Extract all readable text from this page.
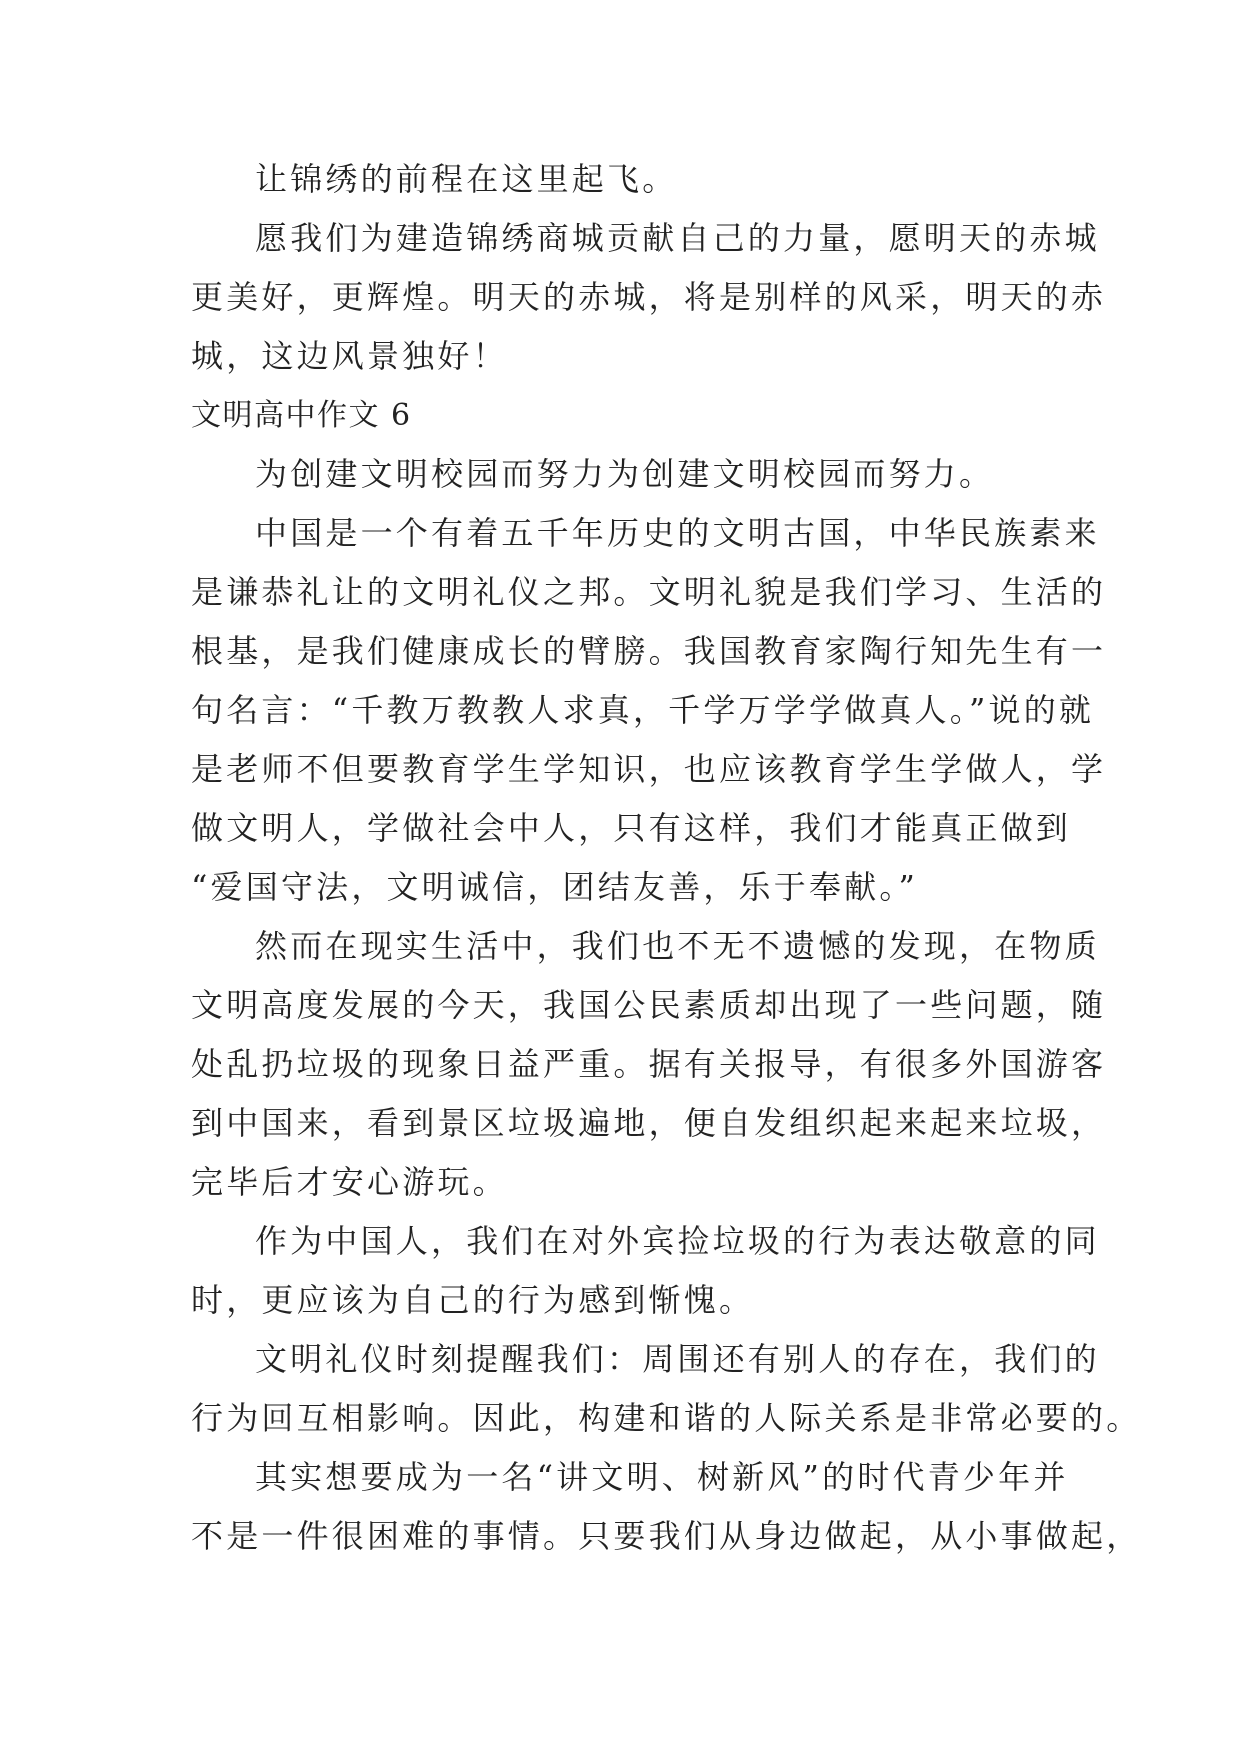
让锦绣的前程在这里起飞。
愿我们为建造锦绣商城贡献自己的力量，愿明天的赤城
更美好，更辉煌。明天的赤城，将是别样的风采，明天的赤
城，这边风景独好！
文明高中作文 6
为创建文明校园而努力为创建文明校园而努力。
中国是一个有着五千年历史的文明古国，中华民族素来
是谦恭礼让的文明礼仪之邦。文明礼貌是我们学习、生活的
根基，是我们健康成长的臂膀。我国教育家陶行知先生有一
句名言：“千教万教教人求真，千学万学学做真人。”说的就
是老师不但要教育学生学知识，也应该教育学生学做人，学
做文明人，学做社会中人，只有这样，我们才能真正做到
“爱国守法，文明诚信，团结友善，乐于奉献。”
然而在现实生活中，我们也不无不遗憾的发现，在物质
文明高度发展的今天，我国公民素质却出现了一些问题，随
处乱扔垃圾的现象日益严重。据有关报导，有很多外国游客
到中国来，看到景区垃圾遍地，便自发组织起来起来垃圾，
完毕后才安心游玩。
作为中国人，我们在对外宾捡垃圾的行为表达敬意的同
时，更应该为自己的行为感到惭愧。
文明礼仪时刻提醒我们：周围还有别人的存在，我们的
行为回互相影响。因此，构建和谐的人际关系是非常必要的。
其实想要成为一名“讲文明、树新风”的时代青少年并
不是一件很困难的事情。只要我们从身边做起，从小事做起，
